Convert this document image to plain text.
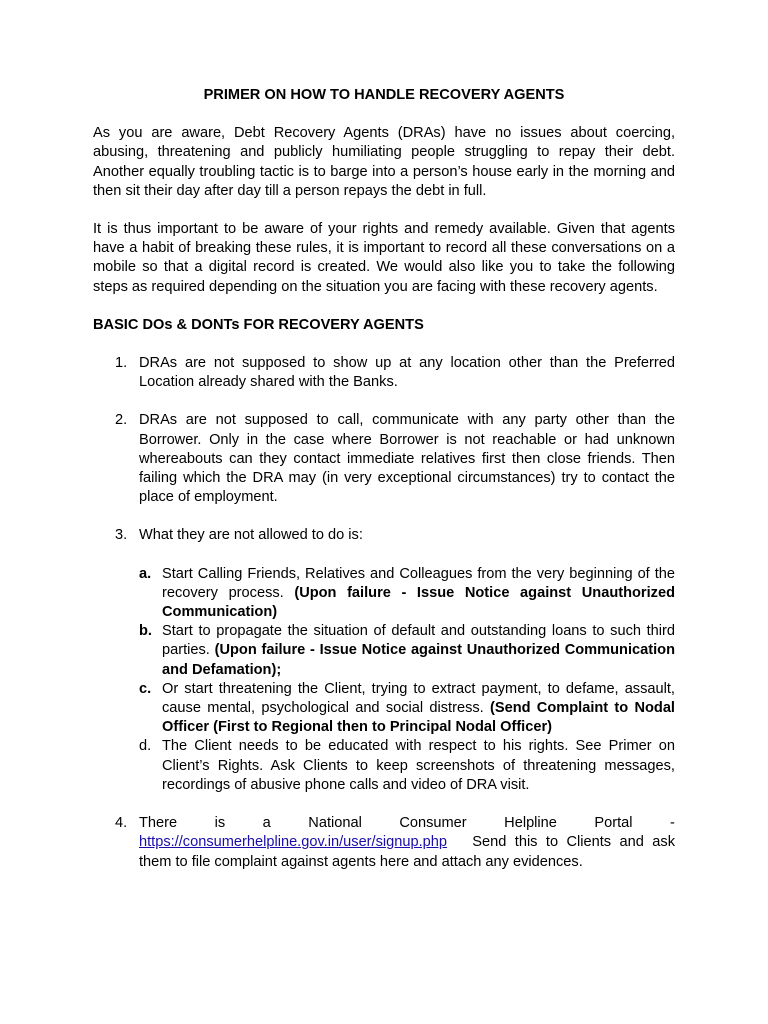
PRIMER ON HOW TO HANDLE RECOVERY AGENTS

As you are aware, Debt Recovery Agents (DRAs) have no issues about coercing, abusing, threatening and publicly humiliating people struggling to repay their debt. Another equally troubling tactic is to barge into a person’s house early in the morning and then sit their day after day till a person repays the debt in full.

It is thus important to be aware of your rights and remedy available. Given that agents have a habit of breaking these rules, it is important to record all these conversations on a mobile so that a digital record is created. We would also like you to take the following steps as required depending on the situation you are facing with these recovery agents.

BASIC DOs & DONTs FOR RECOVERY AGENTS
1. DRAs are not supposed to show up at any location other than the Preferred Location already shared with the Banks.
2. DRAs are not supposed to call, communicate with any party other than the Borrower. Only in the case where Borrower is not reachable or had unknown whereabouts can they contact immediate relatives first then close friends. Then failing which the DRA may (in very exceptional circumstances) try to contact the place of employment.
3. What they are not allowed to do is:
a. Start Calling Friends, Relatives and Colleagues from the very beginning of the recovery process. (Upon failure - Issue Notice against Unauthorized Communication)
b. Start to propagate the situation of default and outstanding loans to such third parties. (Upon failure - Issue Notice against Unauthorized Communication and Defamation);
c. Or start threatening the Client, trying to extract payment, to defame, assault, cause mental, psychological and social distress. (Send Complaint to Nodal Officer (First to Regional then to Principal Nodal Officer)
d. The Client needs to be educated with respect to his rights. See Primer on Client’s Rights. Ask Clients to keep screenshots of threatening messages, recordings of abusive phone calls and video of DRA visit.
4. There	is	a	National	Consumer	Helpline	Portal	-
https://consumerhelpline.gov.in/user/signup.php   Send this to Clients and ask them to file complaint against agents here and attach any evidences.
